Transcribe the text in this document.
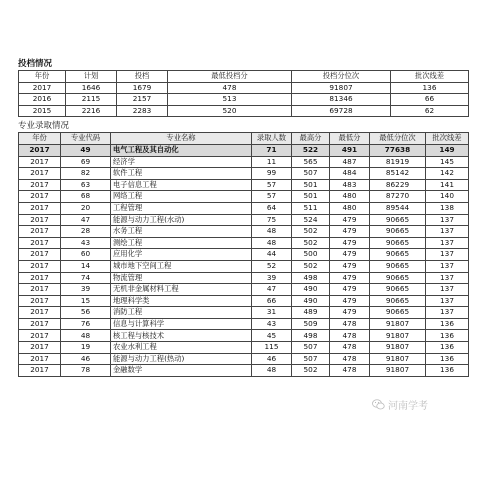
投档情况
年份	计划	投档	最低投档分	投档分位次	批次线差
2017	1646	1679	478	91807	136
2016	2115	2157	513	81346	66
2015	2216	2283	520	69728	62
专业录取情况
年份	专业代码	专业名称	录取人数	最高分	最低分	最低分位次	批次线差
2017	49	电气工程及其自动化	71	522	491	77638	149
2017	69	经济学	11	565	487	81919	145
2017	82	软件工程	99	507	484	85142	142
2017	63	电子信息工程	57	501	483	86229	141
2017	68	网络工程	57	501	480	87270	140
2017	20	工程管理	64	511	480	89544	138
2017	47	能源与动力工程(水动)	75	524	479	90665	137
2017	28	水务工程	48	502	479	90665	137
2017	43	测绘工程	48	502	479	90665	137
2017	60	应用化学	44	500	479	90665	137
2017	14	城市地下空间工程	52	502	479	90665	137
2017	74	物流管理	39	498	479	90665	137
2017	39	无机非金属材料工程	47	490	479	90665	137
2017	15	地理科学类	66	490	479	90665	137
2017	56	消防工程	31	489	479	90665	137
2017	76	信息与计算科学	43	509	478	91807	136
2017	48	核工程与核技术	45	498	478	91807	136
2017	19	农业水利工程	115	507	478	91807	136
2017	46	能源与动力工程(热动)	46	507	478	91807	136
2017	78	金融数学	48	502	478	91807	136
河南学考
